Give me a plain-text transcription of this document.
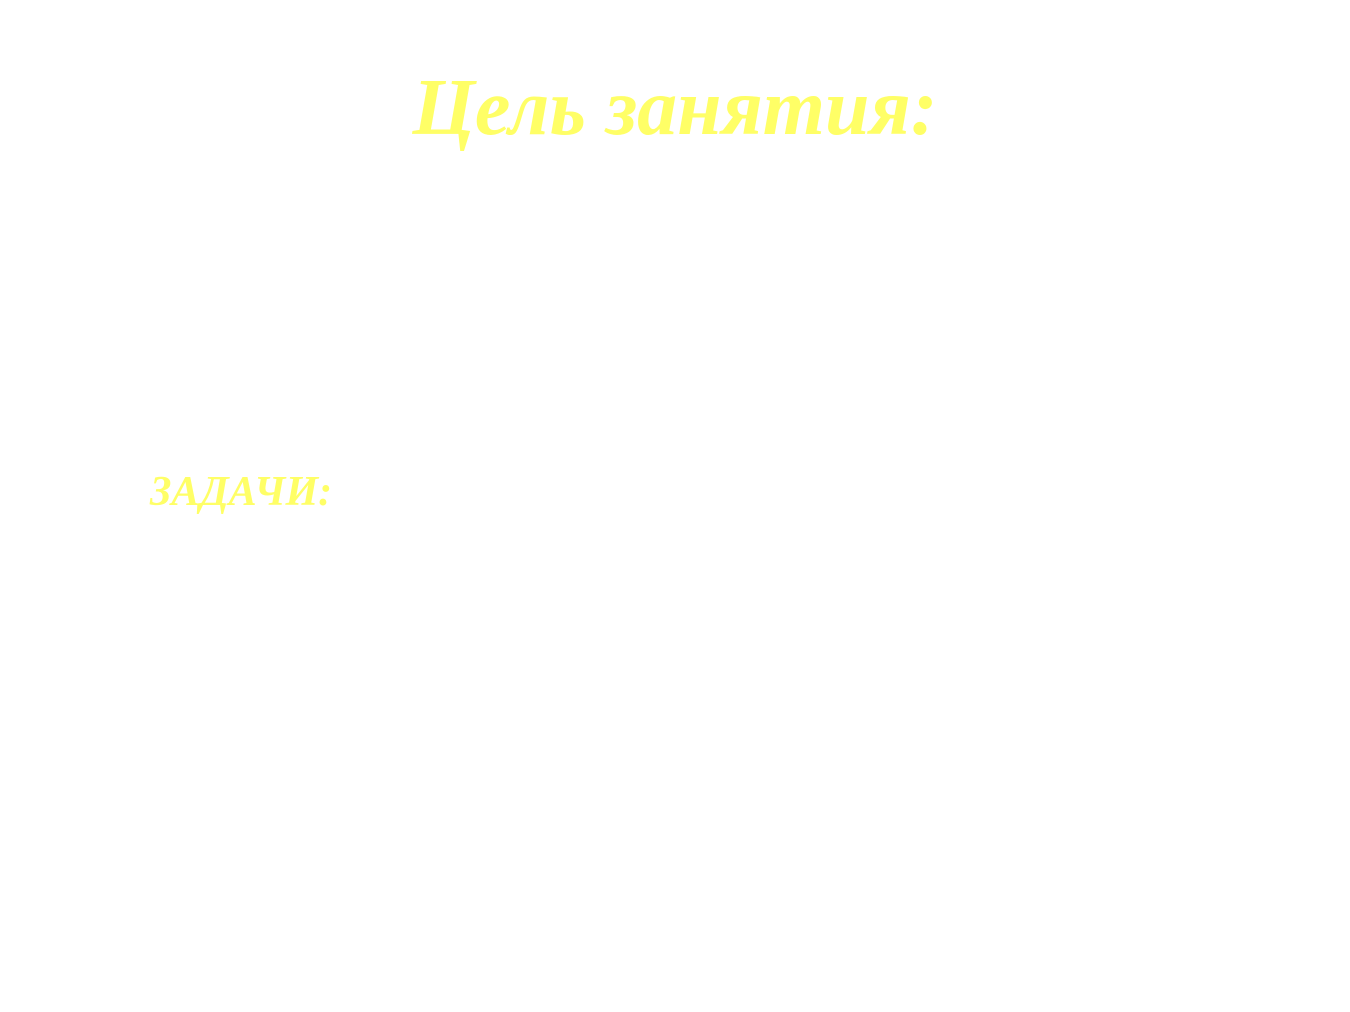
Цель занятия:
ЗАДАЧИ:
